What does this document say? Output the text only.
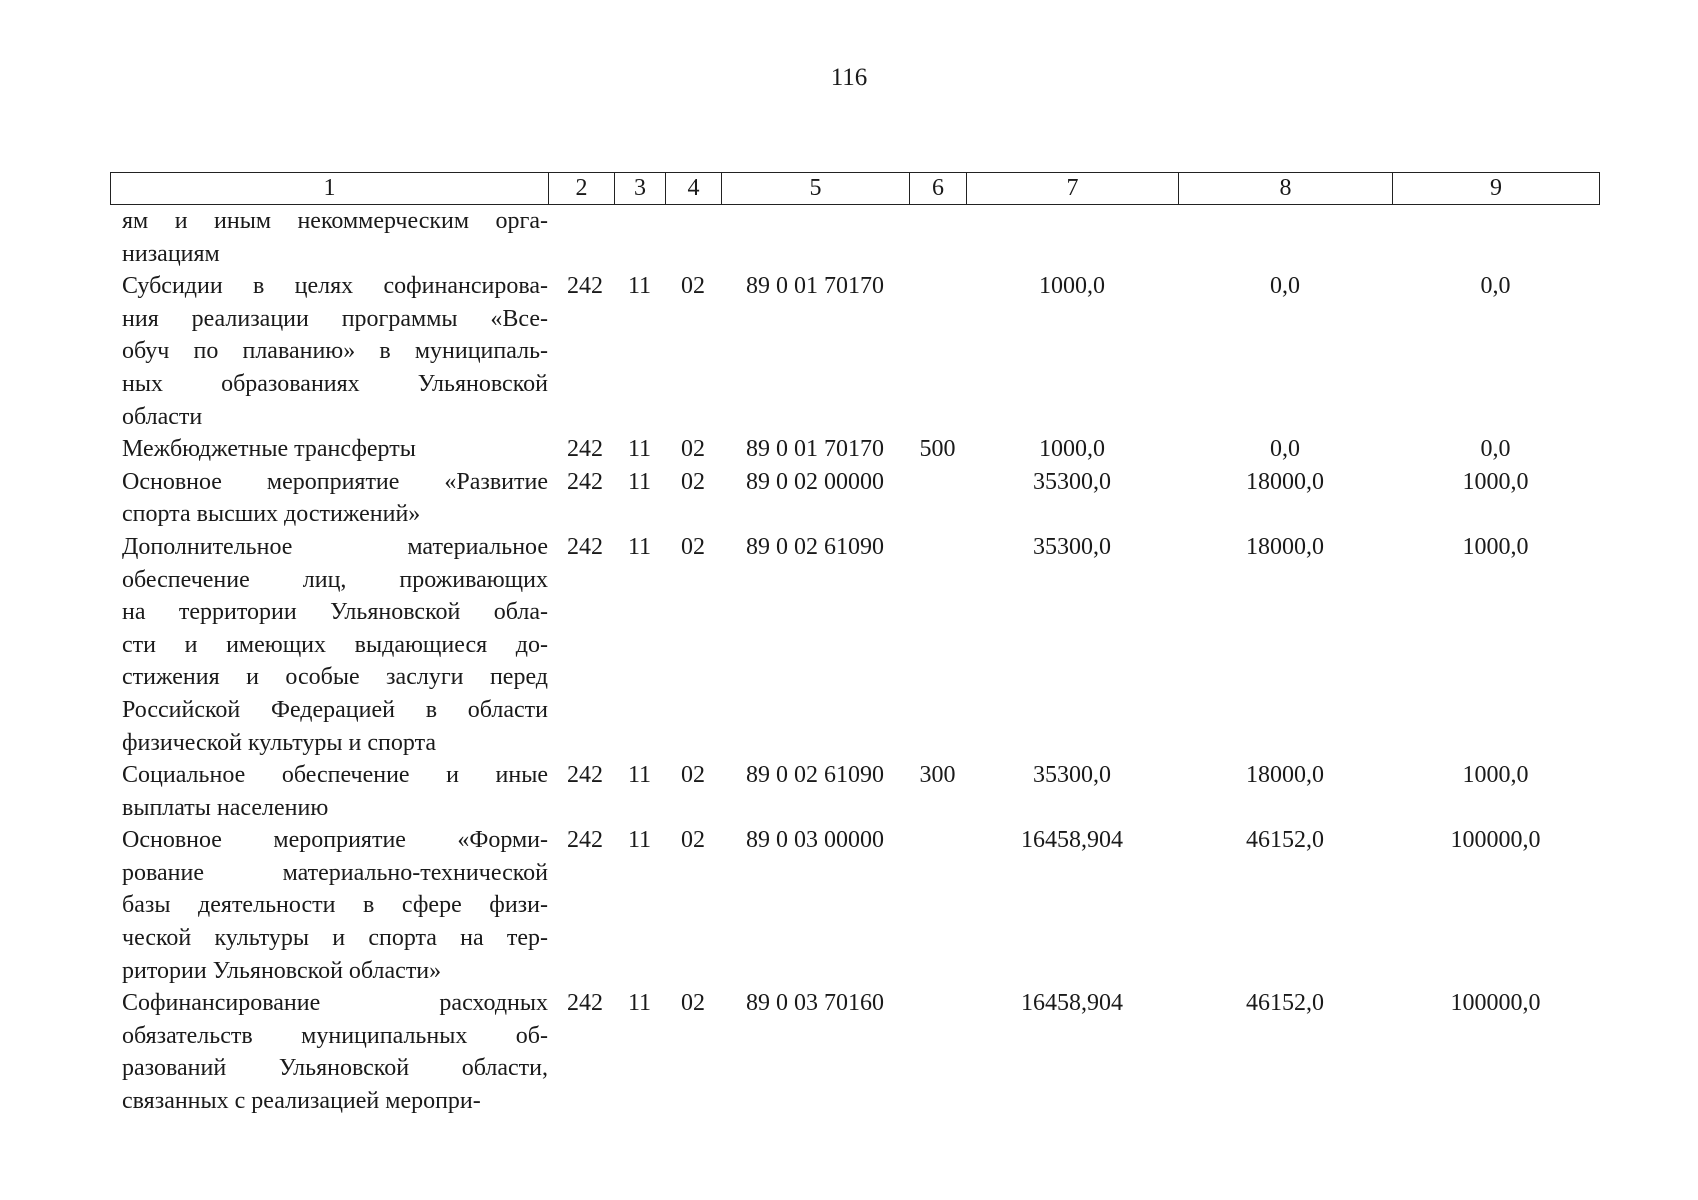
116
1	2	3	4	5	6	7	8	9
ям и иным некоммерческим орга-
низациям
Субсидии в целях софинансирова-
ния реализации программы «Все-
обуч по плаванию» в муниципаль-
ных образованиях Ульяновской
области
242	11	02	89 0 01 70170	1000,0	0,0	0,0
Межбюджетные трансферты	242	11	02	89 0 01 70170	500	1000,0	0,0	0,0
Основное мероприятие «Развитие
спорта высших достижений»
242	11	02	89 0 02 00000	35300,0	18000,0	1000,0
Дополнительное материальное
обеспечение лиц, проживающих
на территории Ульяновской обла-
сти и имеющих выдающиеся до-
стижения и особые заслуги перед
Российской Федерацией в области
физической культуры и спорта
242	11	02	89 0 02 61090	35300,0	18000,0	1000,0
Социальное обеспечение и иные
выплаты населению
242	11	02	89 0 02 61090	300	35300,0	18000,0	1000,0
Основное мероприятие «Форми-
рование материально-технической
базы деятельности в сфере физи-
ческой культуры и спорта на тер-
ритории Ульяновской области»
242	11	02	89 0 03 00000	16458,904	46152,0	100000,0
Софинансирование расходных
обязательств муниципальных об-
разований Ульяновской области,
связанных с реализацией меропри-
242	11	02	89 0 03 70160	16458,904	46152,0	100000,0
